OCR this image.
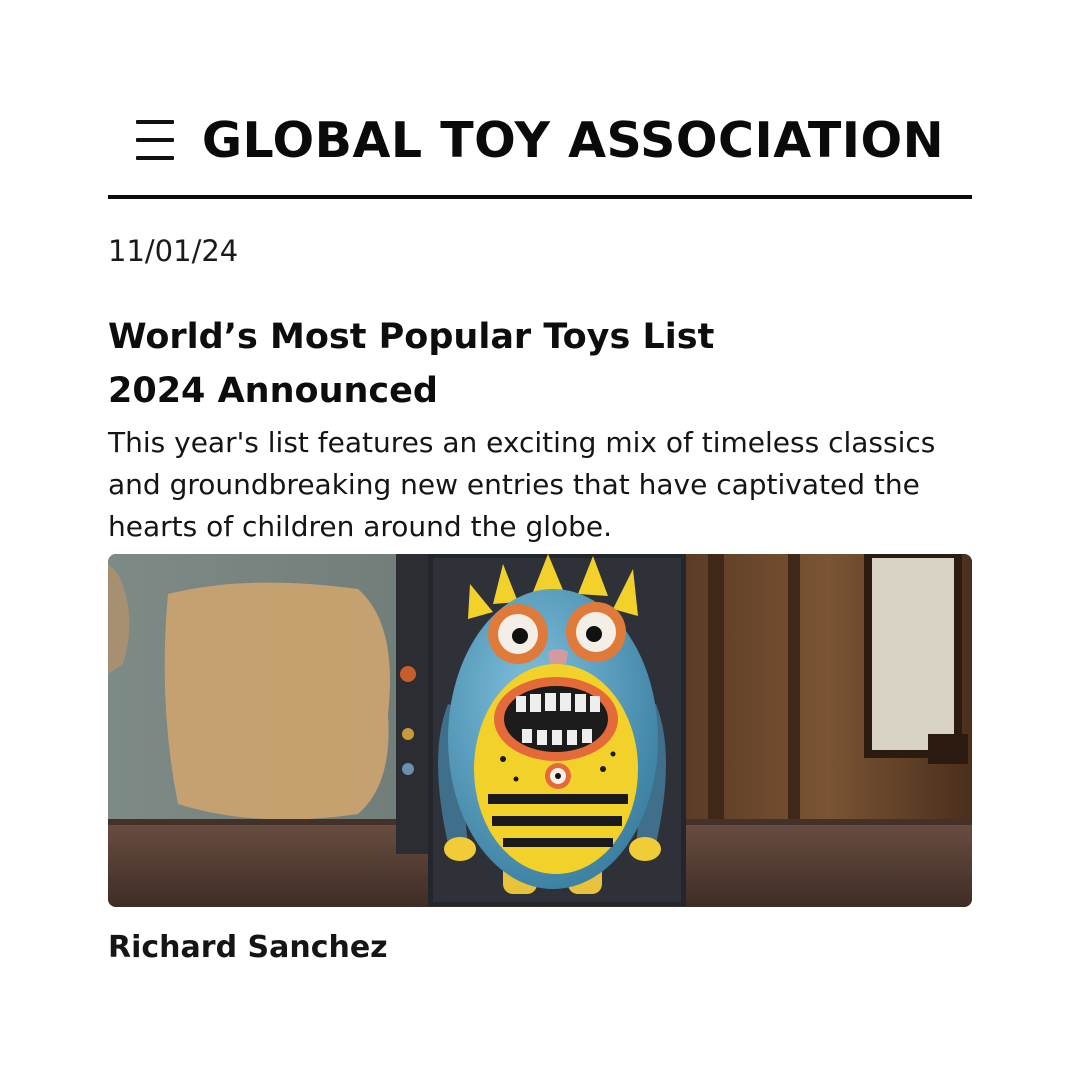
GLOBAL TOY ASSOCIATION
11/01/24
World’s Most Popular Toys List
2024 Announced

This year's list features an exciting mix of timeless classics and groundbreaking new entries that have captivated the hearts of children around the globe.

Richard Sanchez
